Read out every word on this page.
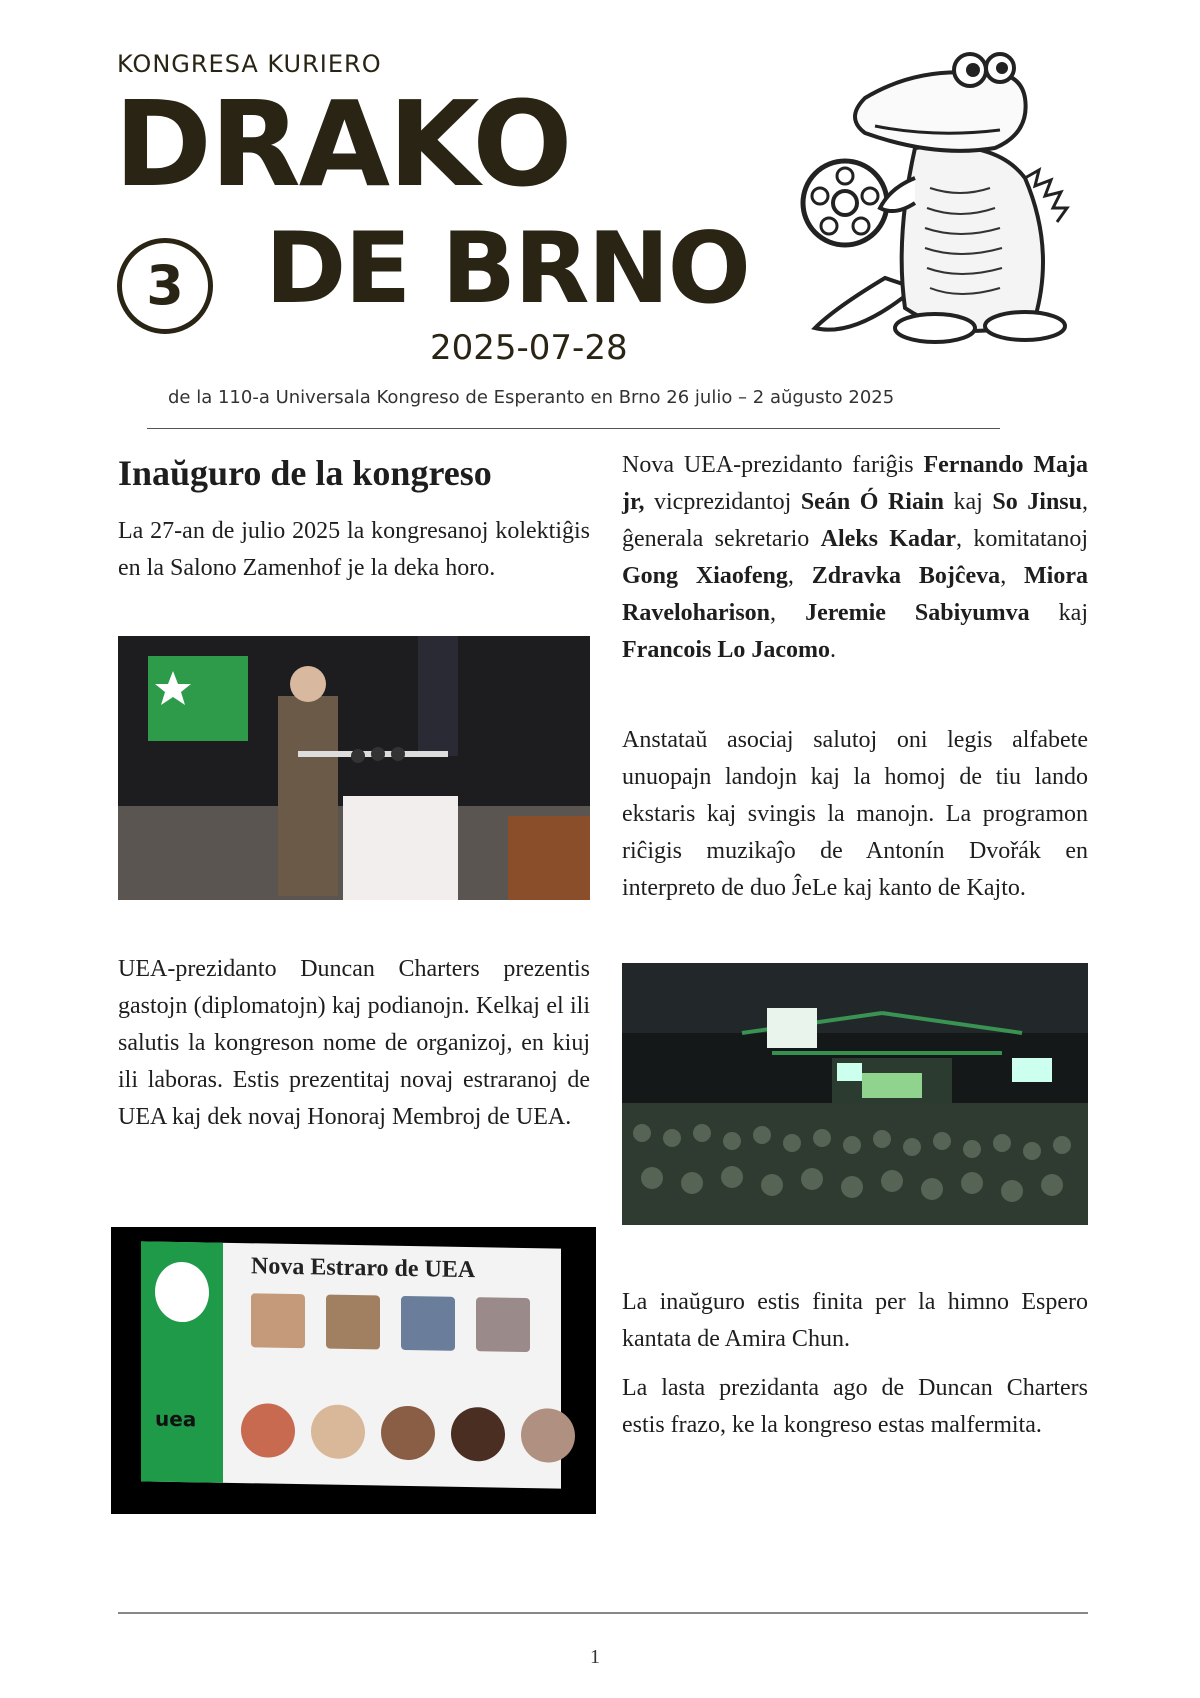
KONGRESA KURIERO
DRAKO
3 DE BRNO
2025-07-28
de la 110-a Universala Kongreso de Esperanto en Brno 26 julio – 2 aŭgusto 2025
Inaŭguro de la kongreso

La 27-an de julio 2025 la kongresanoj kolektiĝis en la Salono Zamenhof je la deka horo.

UEA-prezidanto Duncan Charters prezentis gastojn (diplomatojn) kaj podianojn. Kelkaj el ili salutis la kongreson nome de organizoj, en kiuj ili laboras. Estis prezentitaj novaj estraranoj de UEA kaj dek novaj Honoraj Membroj de UEA.

uea
Nova Estraro de UEA

Nova UEA-prezidanto fariĝis Fernando Maja jr, vicprezidantoj Seán Ó Riain kaj So Jinsu, ĝenerala sekretario Aleks Kadar, komitatanoj Gong Xiaofeng, Zdravka Bojĉeva, Miora Raveloharison, Jeremie Sabiyumva kaj Francois Lo Jacomo.

Anstataŭ asociaj salutoj oni legis alfabete unuopajn landojn kaj la homoj de tiu lando ekstaris kaj svingis la manojn. La programon riĉigis muzikaĵo de Antonín Dvořák en interpreto de duo ĴeLe kaj kanto de Kajto.

La inaŭguro estis finita per la himno Espero kantata de Amira Chun.

La lasta prezidanta ago de Duncan Charters estis frazo, ke la kongreso estas malfermita.

1
